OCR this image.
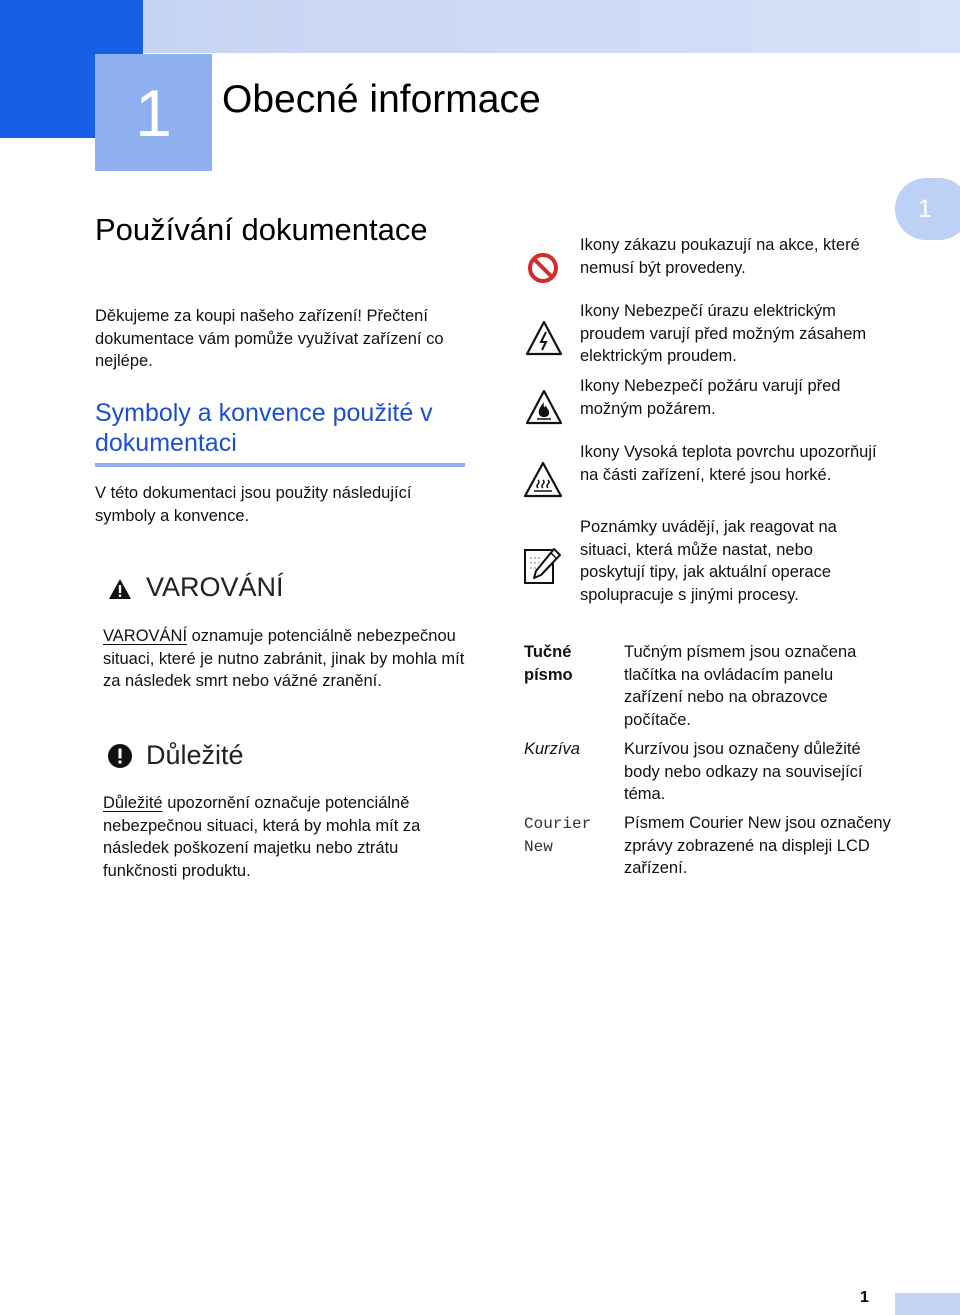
1 Obecné informace
1
Používání dokumentace
Děkujeme za koupi našeho zařízení! Přečtení dokumentace vám pomůže využívat zařízení co nejlépe.
Symboly a konvence použité v dokumentaci
V této dokumentaci jsou použity následující symboly a konvence.
VAROVÁNÍ
VAROVÁNÍ oznamuje potenciálně nebezpečnou situaci, které je nutno zabránit, jinak by mohla mít za následek smrt nebo vážné zranění.
Důležité
Důležité upozornění označuje potenciálně nebezpečnou situaci, která by mohla mít za následek poškození majetku nebo ztrátu funkčnosti produktu.
Ikony zákazu poukazují na akce, které nemusí být provedeny.
Ikony Nebezpečí úrazu elektrickým proudem varují před možným zásahem elektrickým proudem.
Ikony Nebezpečí požáru varují před možným požárem.
Ikony Vysoká teplota povrchu upozorňují na části zařízení, které jsou horké.
Poznámky uvádějí, jak reagovat na situaci, která může nastat, nebo poskytují tipy, jak aktuální operace spolupracuje s jinými procesy.
Tučné písmo
Tučným písmem jsou označena tlačítka na ovládacím panelu zařízení nebo na obrazovce počítače.
Kurzíva	Kurzívou jsou označeny důležité body nebo odkazy na související téma.
Courier New
Písmem Courier New jsou označeny zprávy zobrazené na displeji LCD zařízení.
1
